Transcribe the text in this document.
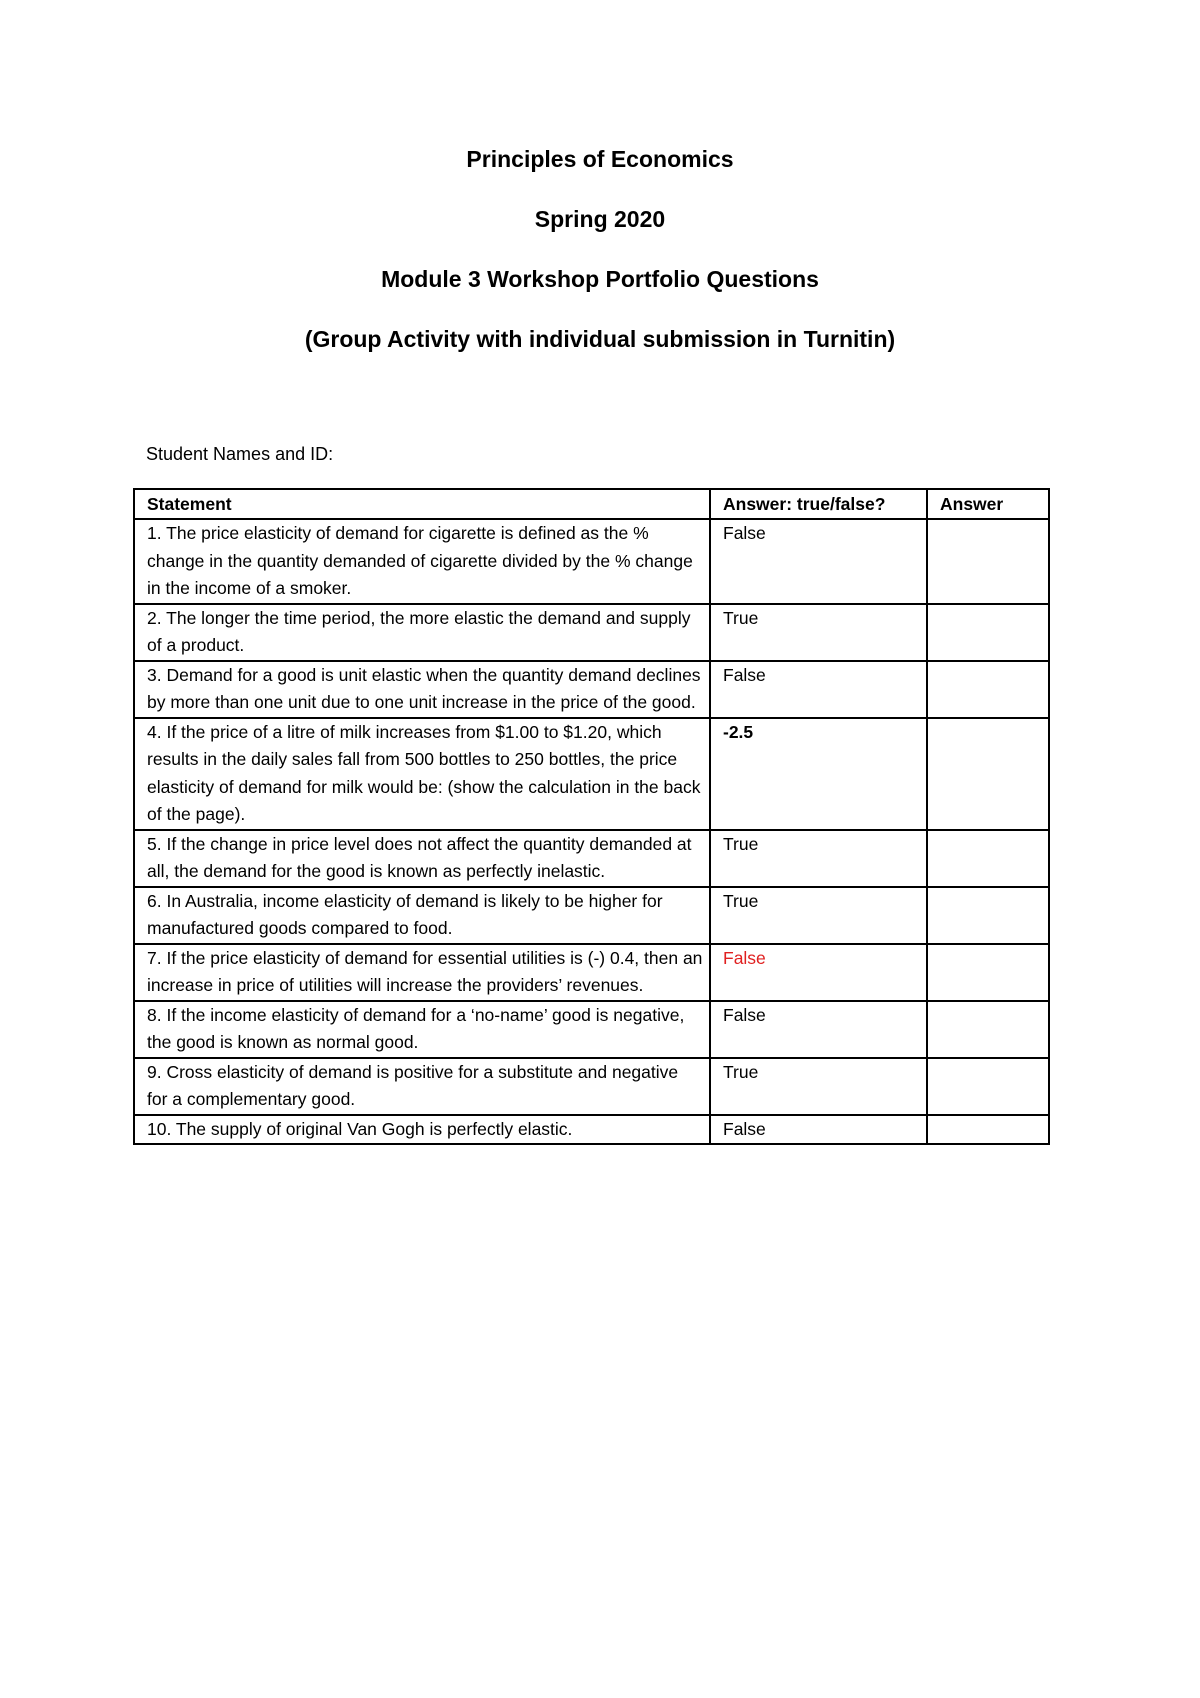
Principles of Economics
Spring 2020
Module 3 Workshop Portfolio Questions
(Group Activity with individual submission in Turnitin)
Student Names and ID:
Statement	Answer: true/false?	Answer
1. The price elasticity of demand for cigarette is defined as the % change in the quantity demanded of cigarette divided by the % change in the income of a smoker.	False	
2. The longer the time period, the more elastic the demand and supply of a product.	True	
3. Demand for a good is unit elastic when the quantity demand declines by more than one unit due to one unit increase in the price of the good.	False	
4. If the price of a litre of milk increases from $1.00 to $1.20, which results in the daily sales fall from 500 bottles to 250 bottles, the price elasticity of demand for milk would be: (show the calculation in the back of the page).	-2.5	
5. If the change in price level does not affect the quantity demanded at all, the demand for the good is known as perfectly inelastic.	True	
6. In Australia, income elasticity of demand is likely to be higher for manufactured goods compared to food.	True	
7. If the price elasticity of demand for essential utilities is (-) 0.4, then an increase in price of utilities will increase the providers’ revenues.	False	
8. If the income elasticity of demand for a ‘no-name’ good is negative, the good is known as normal good.	False	
9. Cross elasticity of demand is positive for a substitute and negative for a complementary good.	True	
10. The supply of original Van Gogh is perfectly elastic.	False	
